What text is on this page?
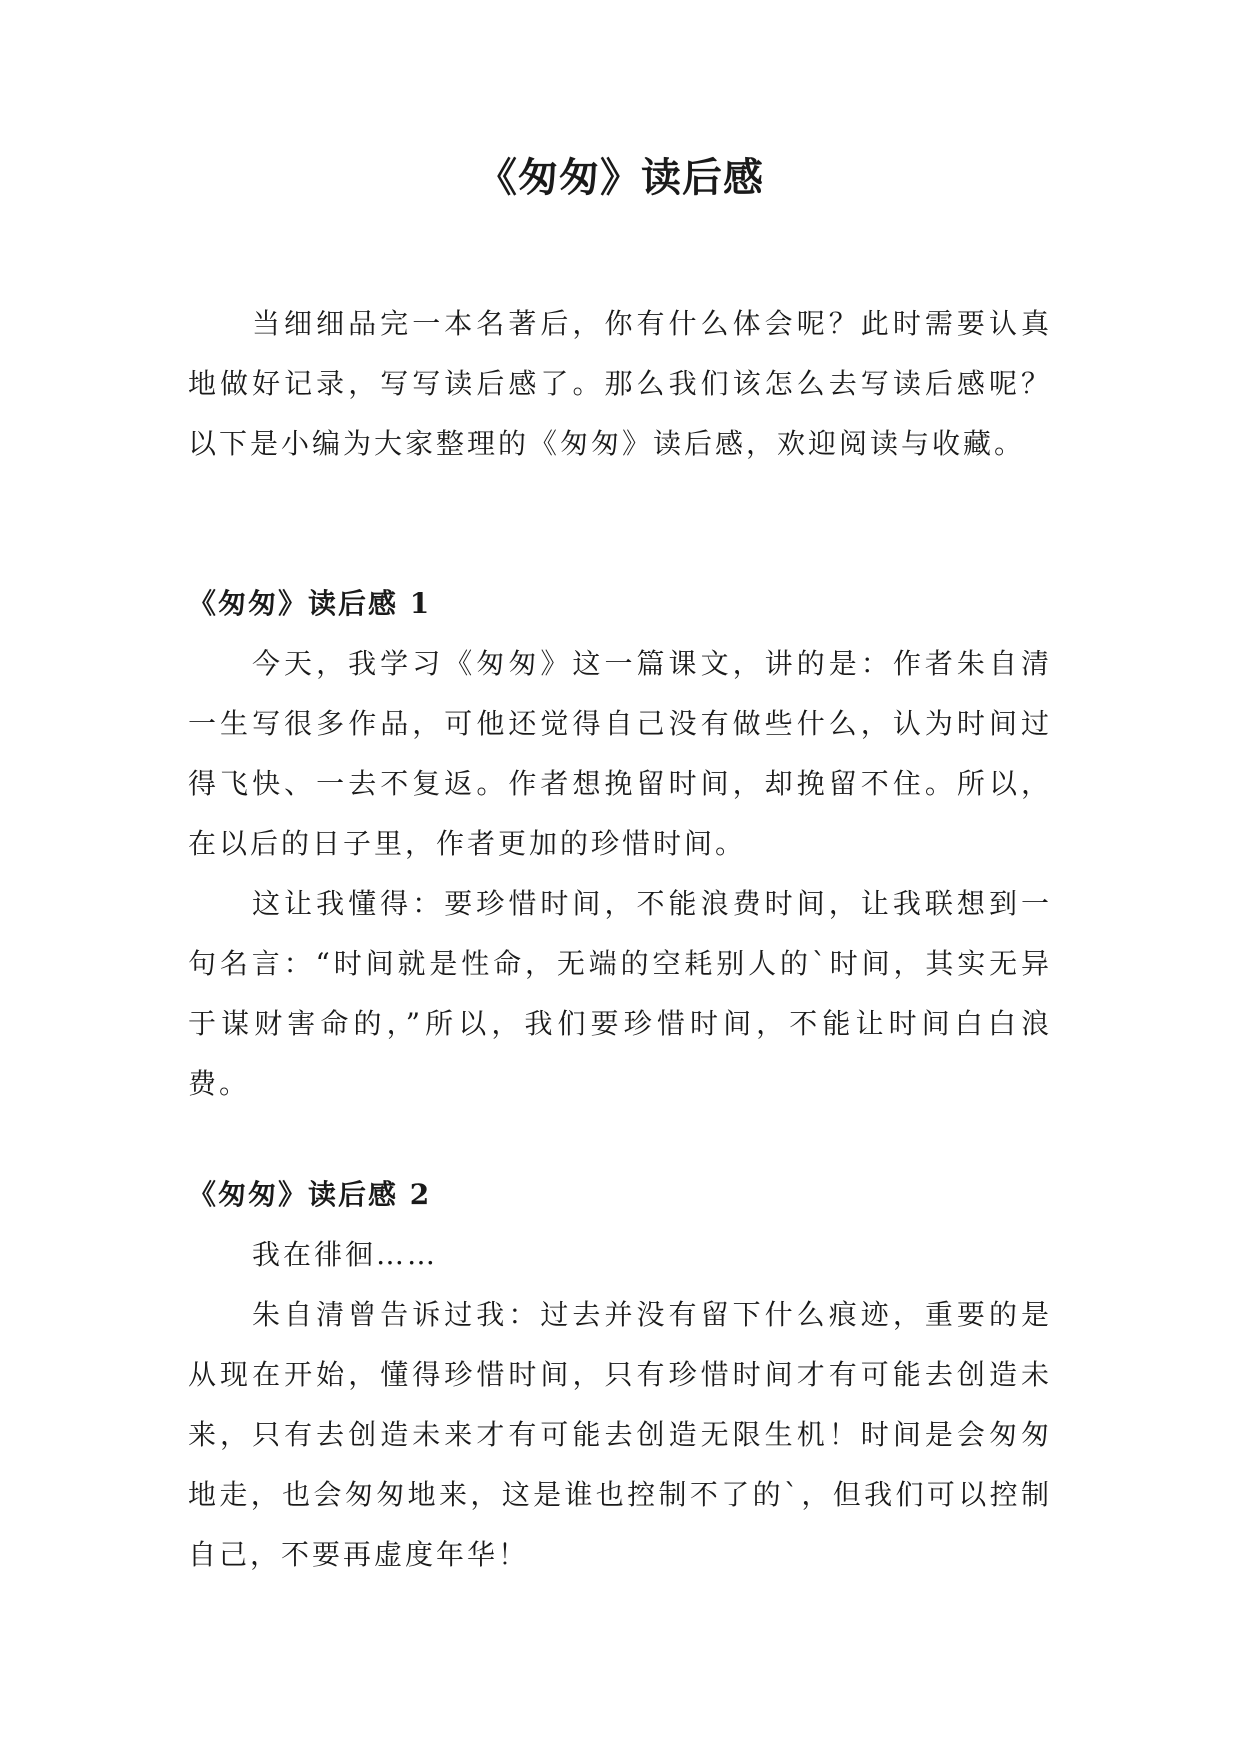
《匆匆》读后感

当细细品完一本名著后，你有什么体会呢？此时需要认真地做好记录，写写读后感了。那么我们该怎么去写读后感呢？以下是小编为大家整理的《匆匆》读后感，欢迎阅读与收藏。

《匆匆》读后感 1

今天，我学习《匆匆》这一篇课文，讲的是：作者朱自清一生写很多作品，可他还觉得自己没有做些什么，认为时间过得飞快、一去不复返。作者想挽留时间，却挽留不住。所以，在以后的日子里，作者更加的珍惜时间。

这让我懂得：要珍惜时间，不能浪费时间，让我联想到一句名言：“时间就是性命，无端的空耗别人的`时间，其实无异于谋财害命的，”所以，我们要珍惜时间，不能让时间白白浪费。

《匆匆》读后感 2

我在徘徊……

朱自清曾告诉过我：过去并没有留下什么痕迹，重要的是从现在开始，懂得珍惜时间，只有珍惜时间才有可能去创造未来，只有去创造未来才有可能去创造无限生机！时间是会匆匆地走，也会匆匆地来，这是谁也控制不了的`，但我们可以控制自己，不要再虚度年华！
